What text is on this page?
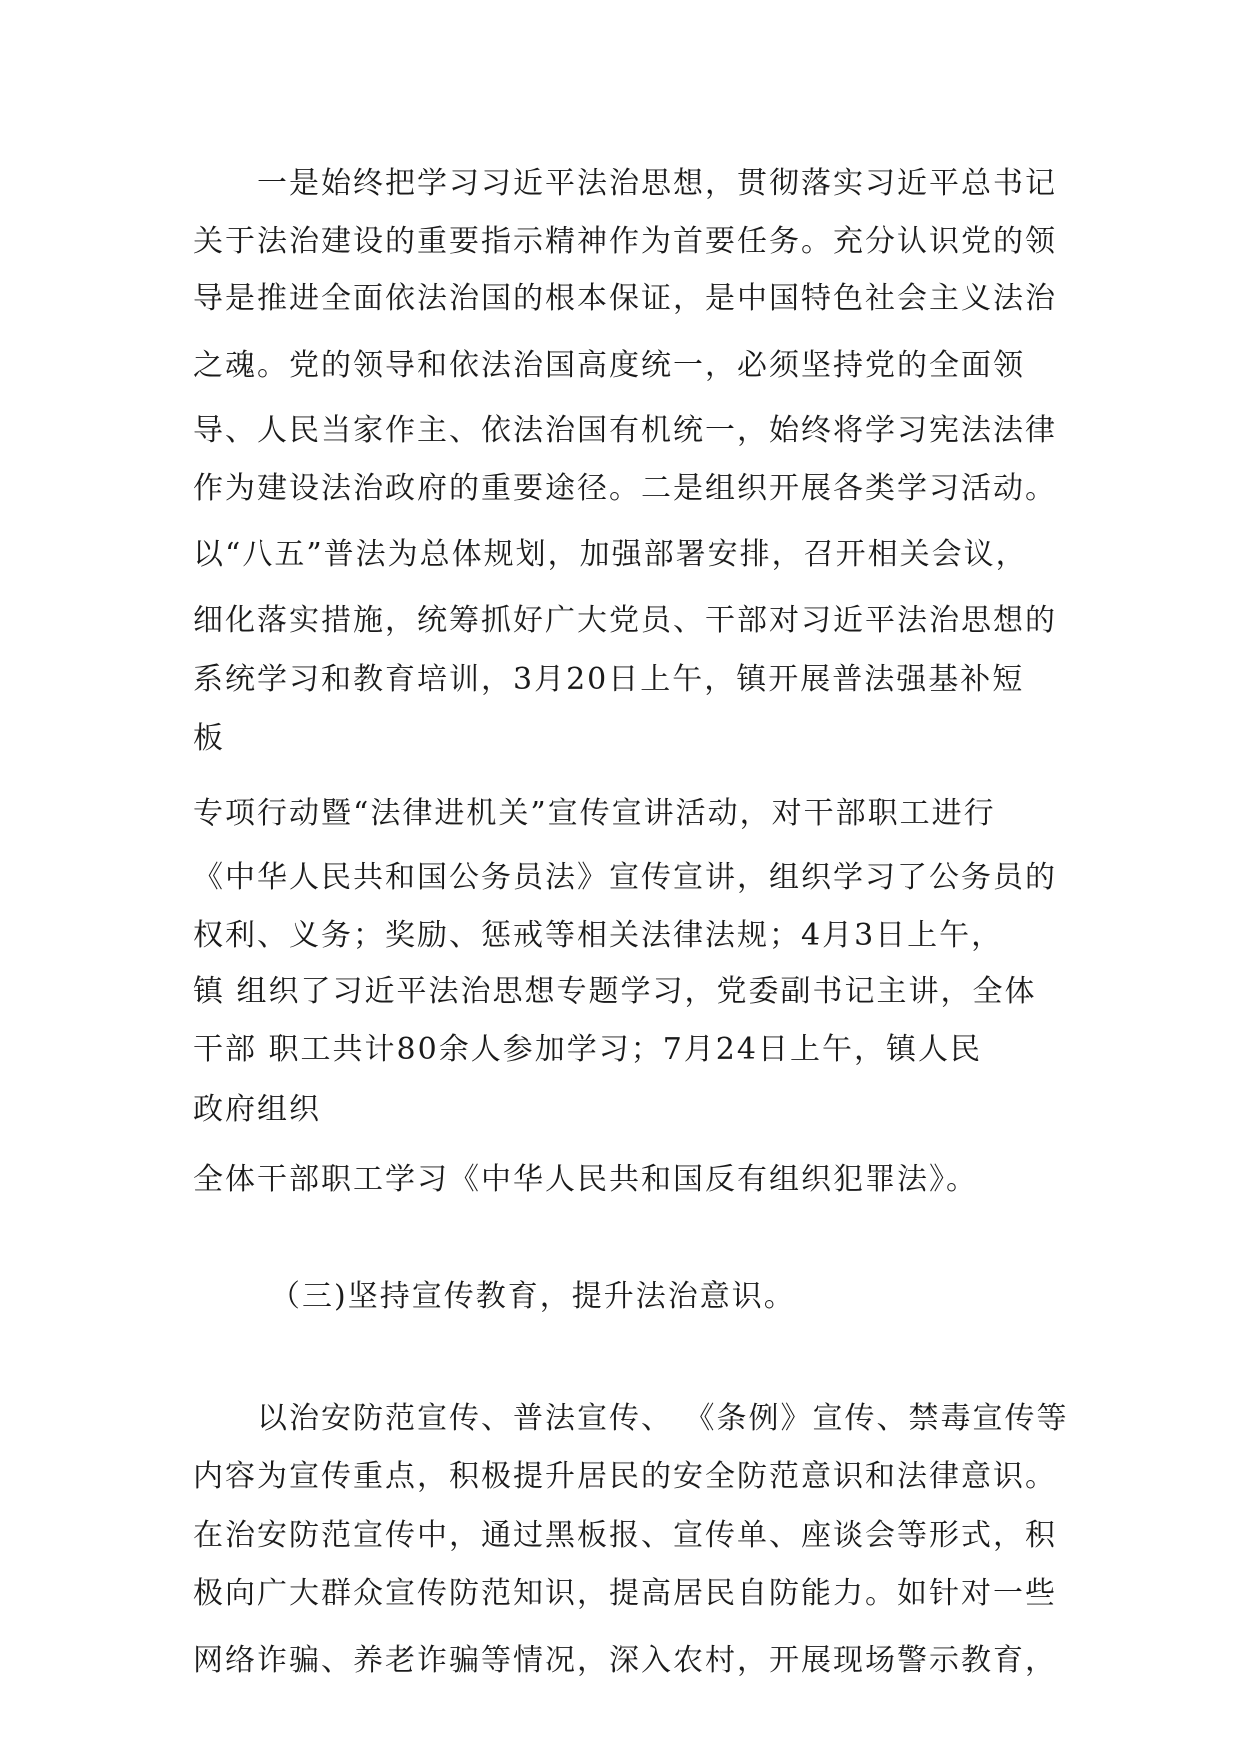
一是始终把学习习近平法治思想，贯彻落实习近平总书记

关于法治建设的重要指示精神作为首要任务。充分认识党的领

导是推进全面依法治国的根本保证，是中国特色社会主义法治

之魂。党的领导和依法治国高度统一，必须坚持党的全面领

导、人民当家作主、依法治国有机统一，始终将学习宪法法律

作为建设法治政府的重要途径。二是组织开展各类学习活动。

以“八五”普法为总体规划，加强部署安排，召开相关会议，

细化落实措施，统筹抓好广大党员、干部对习近平法治思想的

系统学习和教育培训，3月20日上午，镇开展普法强基补短

板

专项行动暨“法律进机关”宣传宣讲活动，对干部职工进行

《中华人民共和国公务员法》宣传宣讲，组织学习了公务员的

权利、义务；奖励、惩戒等相关法律法规；4月3日上午，

镇 组织了习近平法治思想专题学习，党委副书记主讲，全体

干部 职工共计80余人参加学习；7月24日上午，镇人民

政府组织

全体干部职工学习《中华人民共和国反有组织犯罪法》。

（三)坚持宣传教育，提升法治意识。

以治安防范宣传、普法宣传、 《条例》宣传、禁毒宣传等

内容为宣传重点，积极提升居民的安全防范意识和法律意识。

在治安防范宣传中，通过黑板报、宣传单、座谈会等形式，积

极向广大群众宣传防范知识，提高居民自防能力。如针对一些

网络诈骗、养老诈骗等情况，深入农村，开展现场警示教育，
